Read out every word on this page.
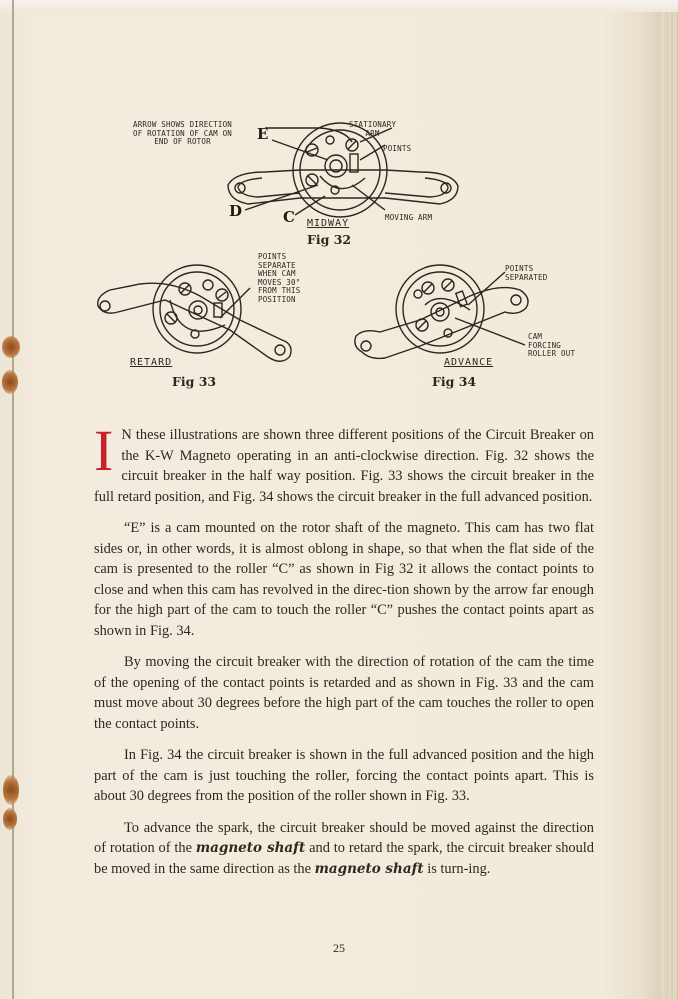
ARROW SHOWS DIRECTION
OF ROTATION OF CAM ON
END OF ROTOR
STATIONARY
ARM
POINTS
MOVING ARM
E
D	C MIDWAY
Fig 32
POINTS
SEPARATE
WHEN CAM
MOVES 30°
FROM THIS
POSITION
RETARD
Fig 33
POINTS
SEPARATED
CAM
FORCING
ROLLER OUT
ADVANCE
Fig 34

I N these illustrations are shown three different positions of the Circuit Breaker on the K-W Magneto operating in an anti-clockwise direction. Fig. 32 shows the circuit breaker in the half way position. Fig. 33 shows the circuit breaker in the full retard position, and Fig. 34 shows the circuit breaker in the full advanced position.

“E” is a cam mounted on the rotor shaft of the magneto. This cam has two flat sides or, in other words, it is almost oblong in shape, so that when the flat side of the cam is presented to the roller “C” as shown in Fig 32 it allows the contact points to close and when this cam has revolved in the direc-tion shown by the arrow far enough for the high part of the cam to touch the roller “C” pushes the contact points apart as shown in Fig. 34.

By moving the circuit breaker with the direction of rotation of the cam the time of the opening of the contact points is retarded and as shown in Fig. 33 and the cam must move about 30 degrees before the high part of the cam touches the roller to open the contact points.

In Fig. 34 the circuit breaker is shown in the full advanced position and the high part of the cam is just touching the roller, forcing the contact points apart. This is about 30 degrees from the position of the roller shown in Fig. 33.

To advance the spark, the circuit breaker should be moved against the direction of rotation of the magneto shaft and to retard the spark, the circuit breaker should be moved in the same direction as the magneto shaft is turn-ing.

25
